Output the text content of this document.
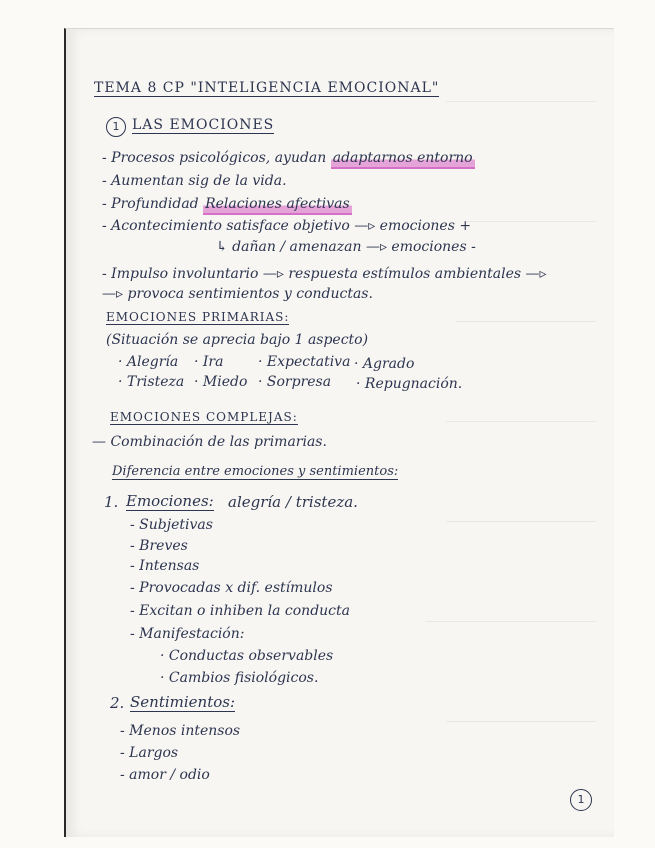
TEMA 8 CP "INTELIGENCIA EMOCIONAL"
1 LAS EMOCIONES
- Procesos psicológicos, ayudan adaptarnos entorno
- Aumentan sig de la vida.
- Profundidad Relaciones afectivas
- Acontecimiento satisface objetivo —▹ emociones +
↳ dañan / amenazan —▹ emociones -
- Impulso involuntario —▹ respuesta estímulos ambientales —▹
—▹ provoca sentimientos y conductas.
EMOCIONES PRIMARIAS:
(Situación se aprecia bajo 1 aspecto)
· Alegría · Ira · Expectativa · Agrado
· Tristeza · Miedo · Sorpresa · Repugnación.
EMOCIONES COMPLEJAS:
— Combinación de las primarias.
Diferencia entre emociones y sentimientos:
1. Emociones: alegría / tristeza.
- Subjetivas
- Breves
- Intensas
- Provocadas x dif. estímulos
- Excitan o inhiben la conducta
- Manifestación:
· Conductas observables
· Cambios fisiológicos.
2. Sentimientos:
- Menos intensos
- Largos
- amor / odio
1
